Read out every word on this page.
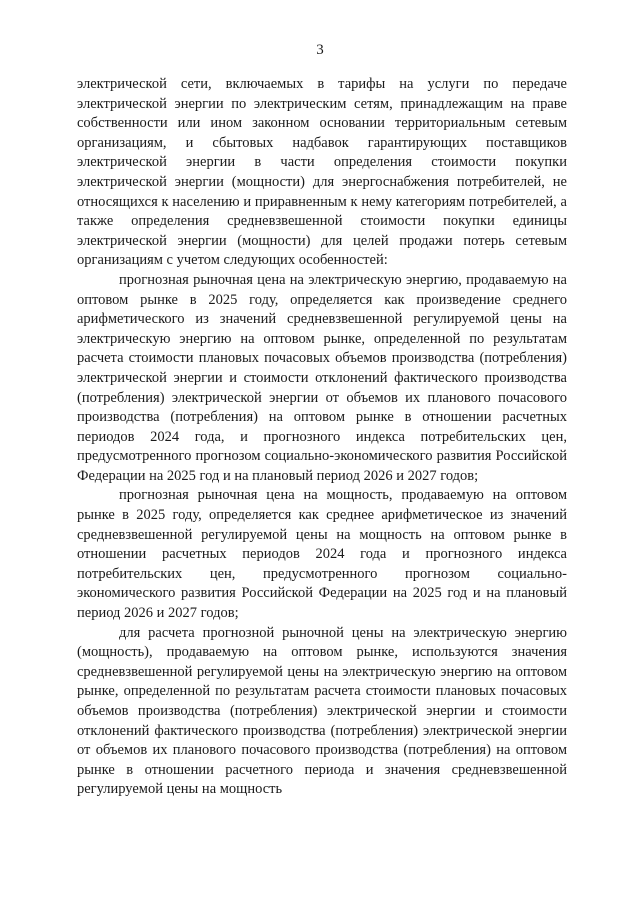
3

электрической сети, включаемых в тарифы на услуги по передаче электрической энергии по электрическим сетям, принадлежащим на праве собственности или ином законном основании территориальным сетевым организациям, и сбытовых надбавок гарантирующих поставщиков электрической энергии в части определения стоимости покупки электрической энергии (мощности) для энергоснабжения потребителей, не относящихся к населению и приравненным к нему категориям потребителей, а также определения средневзвешенной стоимости покупки единицы электрической энергии (мощности) для целей продажи потерь сетевым организациям с учетом следующих особенностей:

прогнозная рыночная цена на электрическую энергию, продаваемую на оптовом рынке в 2025 году, определяется как произведение среднего арифметического из значений средневзвешенной регулируемой цены на электрическую энергию на оптовом рынке, определенной по результатам расчета стоимости плановых почасовых объемов производства (потребления) электрической энергии и стоимости отклонений фактического производства (потребления) электрической энергии от объемов их планового почасового производства (потребления) на оптовом рынке в отношении расчетных периодов 2024 года, и прогнозного индекса потребительских цен, предусмотренного прогнозом социально-экономического развития Российской Федерации на 2025 год и на плановый период 2026 и 2027 годов;

прогнозная рыночная цена на мощность, продаваемую на оптовом рынке в 2025 году, определяется как среднее арифметическое из значений средневзвешенной регулируемой цены на мощность на оптовом рынке в отношении расчетных периодов 2024 года и прогнозного индекса потребительских цен, предусмотренного прогнозом социально-экономического развития Российской Федерации на 2025 год и на плановый период 2026 и 2027 годов;

для расчета прогнозной рыночной цены на электрическую энергию (мощность), продаваемую на оптовом рынке, используются значения средневзвешенной регулируемой цены на электрическую энергию на оптовом рынке, определенной по результатам расчета стоимости плановых почасовых объемов производства (потребления) электрической энергии и стоимости отклонений фактического производства (потребления) электрической энергии от объемов их планового почасового производства (потребления) на оптовом рынке в отношении расчетного периода и значения средневзвешенной регулируемой цены на мощность
